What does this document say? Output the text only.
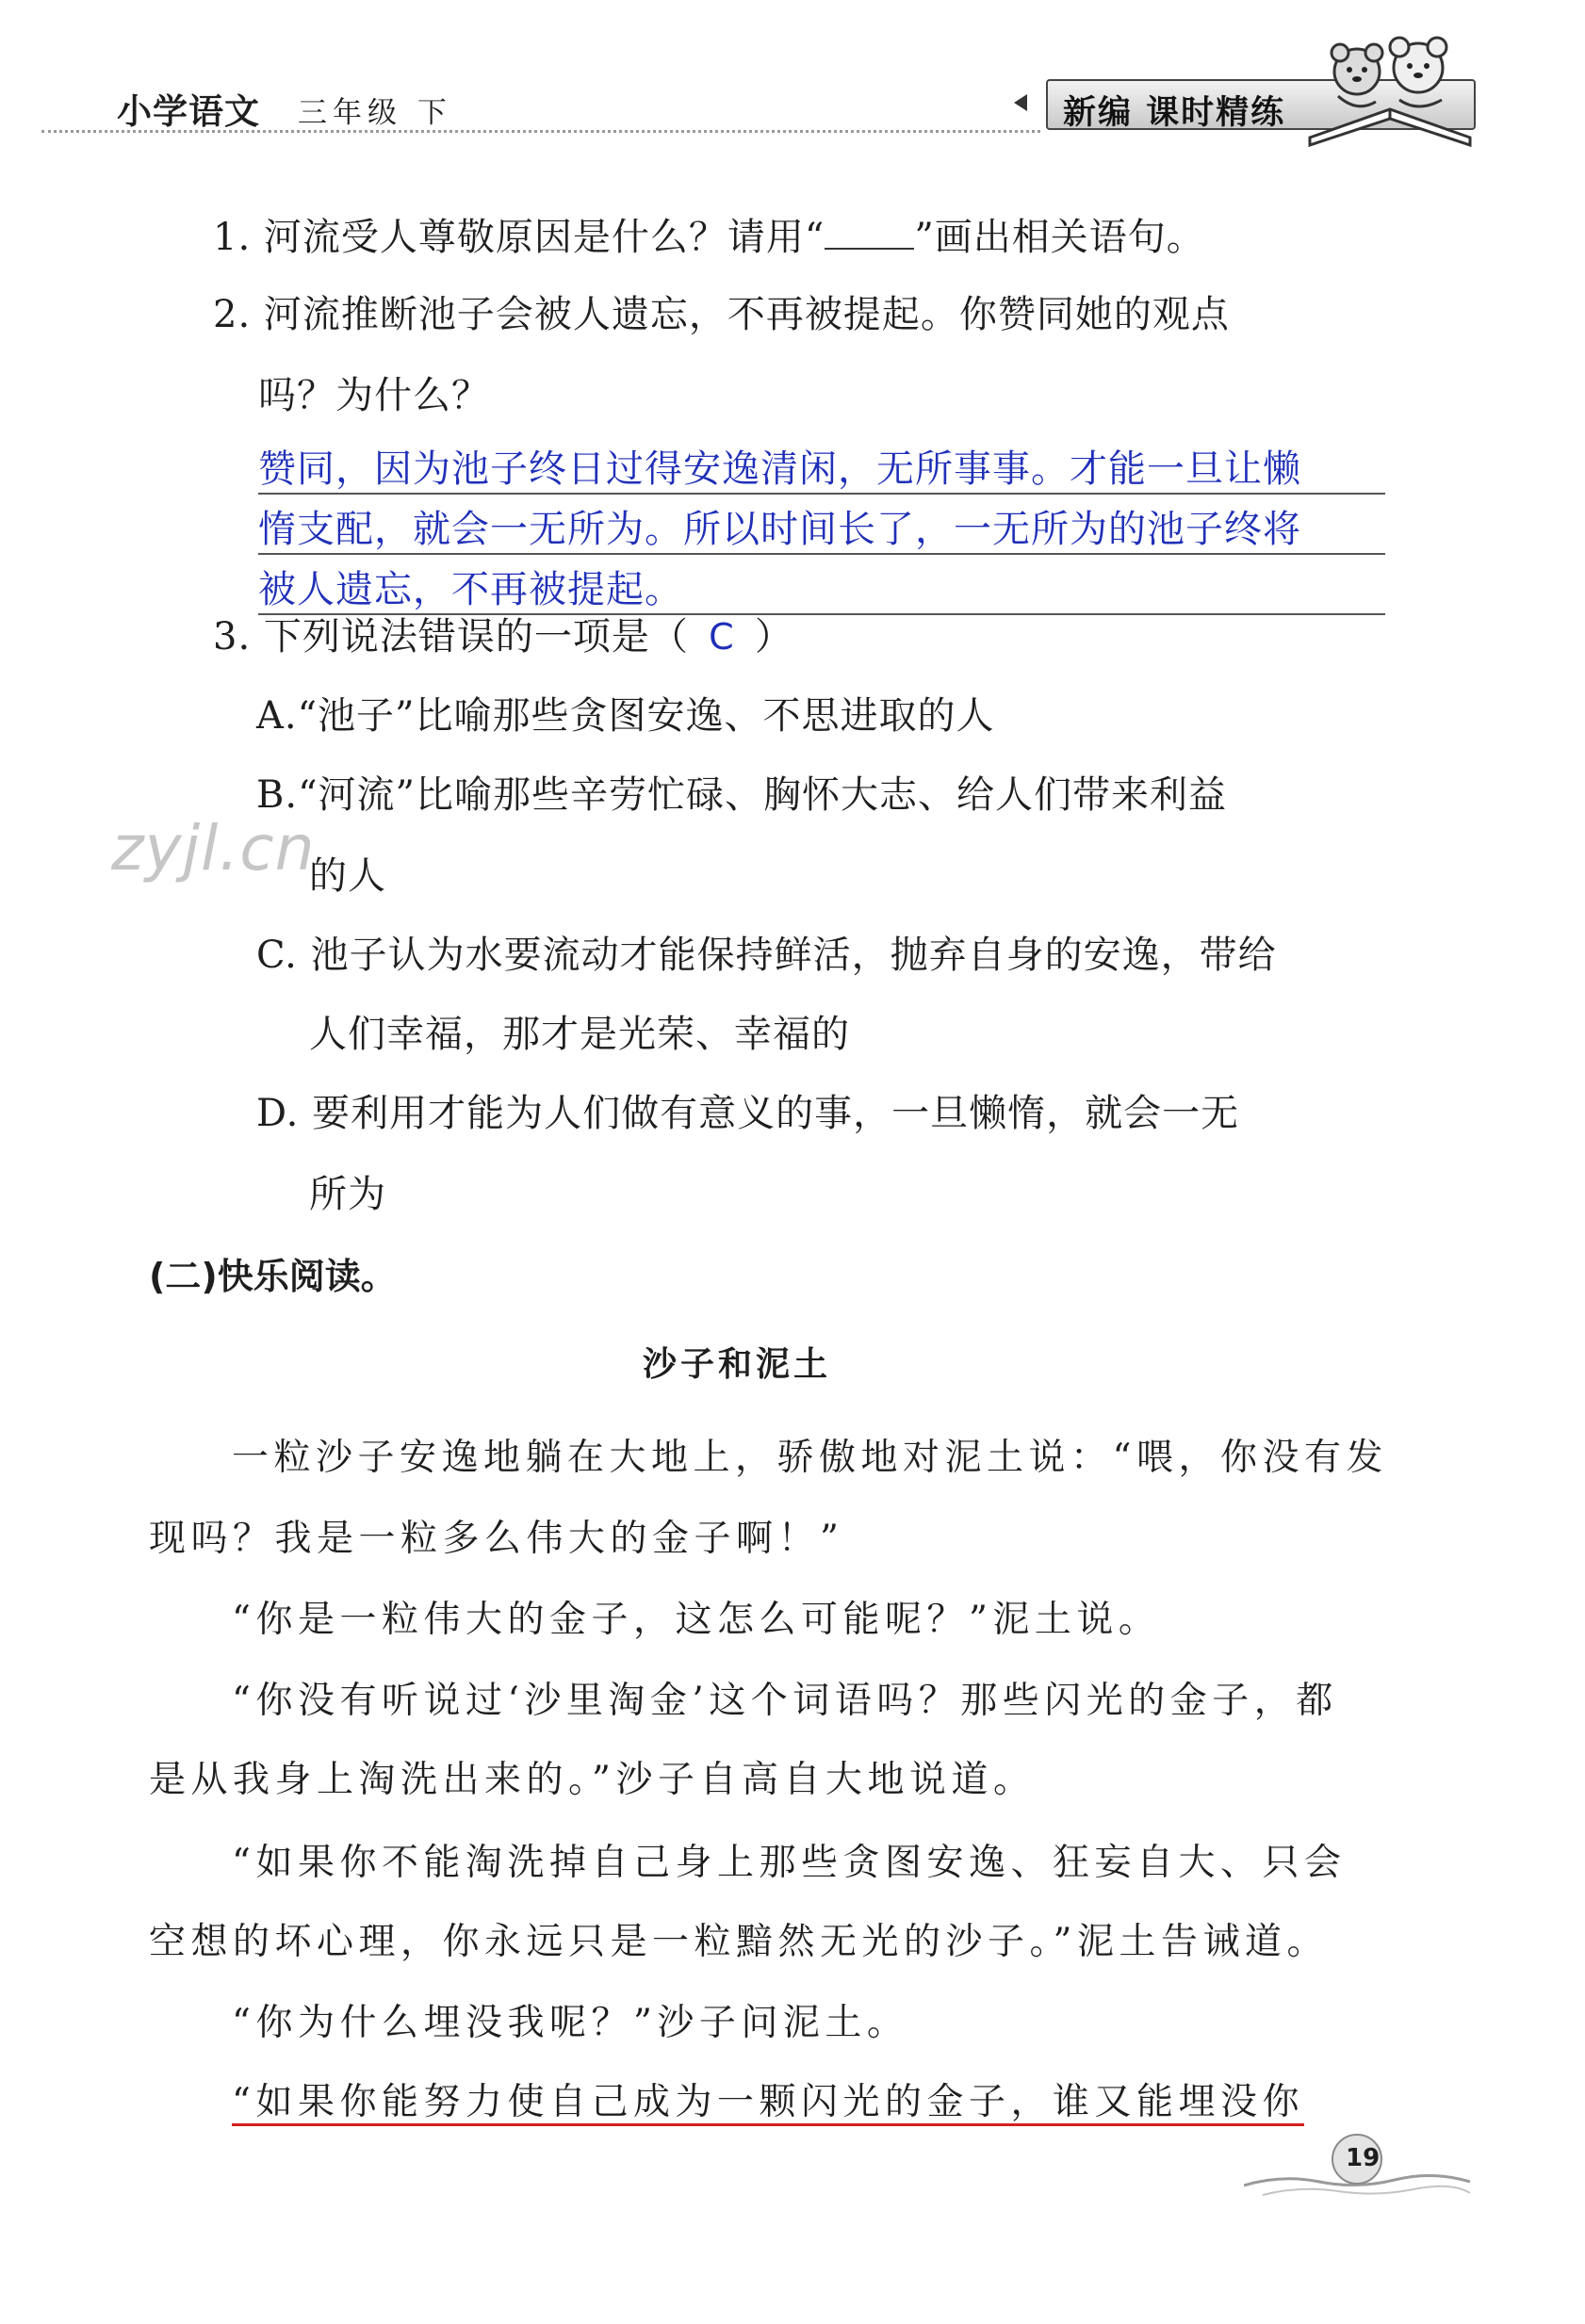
小学语文 三年级 下	新编 课时精练
1. 河流受人尊敬原因是什么？请用“ ”画出相关语句。
2. 河流推断池子会被人遗忘，不再被提起。你赞同她的观点
吗？为什么？
赞同，因为池子终日过得安逸清闲，无所事事。才能一旦让懒
惰支配，就会一无所为。所以时间长了，一无所为的池子终将
被人遗忘，不再被提起。
3. 下列说法错误的一项是（ C ）
A.“池子”比喻那些贪图安逸、不思进取的人
B.“河流”比喻那些辛劳忙碌、胸怀大志、给人们带来利益
的人
C. 池子认为水要流动才能保持鲜活，抛弃自身的安逸，带给
人们幸福，那才是光荣、幸福的
D. 要利用才能为人们做有意义的事，一旦懒惰，就会一无
所为
zyjl.cn
(二)快乐阅读。
沙子和泥土
一粒沙子安逸地躺在大地上，骄傲地对泥土说：“喂，你没有发
现吗？我是一粒多么伟大的金子啊！”
“你是一粒伟大的金子，这怎么可能呢？”泥土说。
“你没有听说过‘沙里淘金’这个词语吗？那些闪光的金子，都
是从我身上淘洗出来的。”沙子自高自大地说道。
“如果你不能淘洗掉自己身上那些贪图安逸、狂妄自大、只会
空想的坏心理，你永远只是一粒黯然无光的沙子。”泥土告诫道。
“你为什么埋没我呢？”沙子问泥土。
“如果你能努力使自己成为一颗闪光的金子，谁又能埋没你
19
